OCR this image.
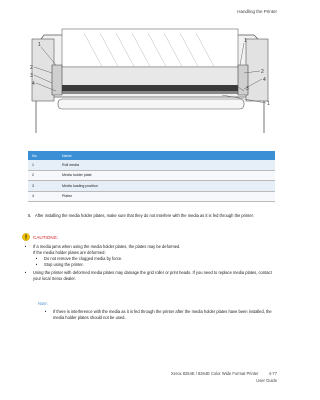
Handling the Printer
1
2
3
4
1
2
4
3
1
No.	Name
1	Roll media
2	Media holder plate
3	Media loading position
4	Platen
5. After installing the media holder plates, make sure that they do not interfere with the media as it is fed through the printer.
CAUTIONS:
• If a media jams when using the media holder plates, the plates may be deformed.
If the media holder plates are deformed:
• Do not remove the clogged media by force.
• Stop using the printer.
• Using the printer with deformed media plates may damage the grid roller or print heads. If you need to replace media plates, contact your local Xerox dealer.
Note:
• If there is interference with the media as it is fed through the printer after the media holder plates have been installed, the media holder plates should not be used.
Xerox 8254E / 8264E Color Wide Format Printer	4-77
User Guide
